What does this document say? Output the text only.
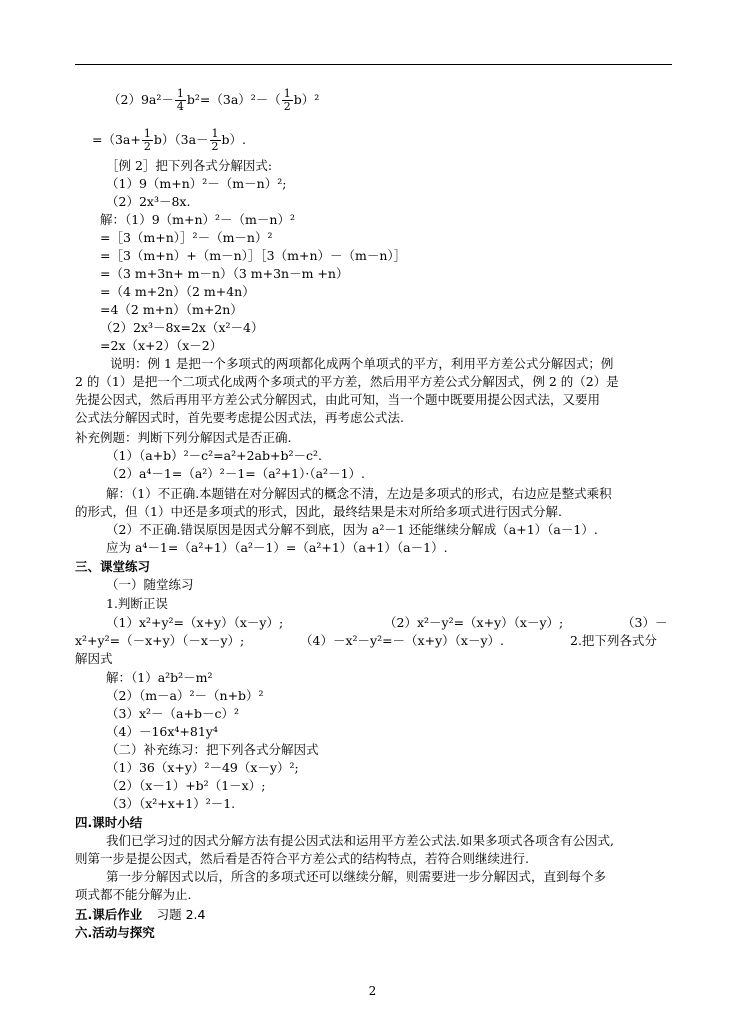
$(2)9a^2- \frac{1}{4} b^2=(3a)^2-( \frac{1}{2} b)^2$
$=(3a+ \frac{1}{2} b)(3a- \frac{1}{2} b)$.
［例 2］把下列各式分解因式:
（1）9（m+n）²－（m－n）²;
（2）2x³－8x.
解：（1）9（m+n）²－（m－n）²
=［3（m+n）］²－（m－n）²
=［3（m+n）+（m－n）］［3（m+n）－（m－n）］
=（3 m+3n+ m－n）（3 m+3n－m +n）
=（4 m+2n）（2 m+4n）
=4（2 m+n）（m+2n）
（2）2x³－8x=2x（x²－4）
=2x（x+2）（x－2）
说明：例 1 是把一个多项式的两项都化成两个单项式的平方，利用平方差公式分解因式；例
2 的（1）是把一个二项式化成两个多项式的平方差，然后用平方差公式分解因式，例 2 的（2）是
先提公因式，然后再用平方差公式分解因式，由此可知，当一个题中既要用提公因式法，又要用
公式法分解因式时，首先要考虑提公因式法，再考虑公式法.
补充例题：判断下列分解因式是否正确.
（1）（a+b）²－c²=a²+2ab+b²－c².
（2）a⁴－1=（a²）²－1=（a²+1）·（a²－1）.
解：（1）不正确.本题错在对分解因式的概念不清，左边是多项式的形式，右边应是整式乘积
的形式，但（1）中还是多项式的形式，因此，最终结果是未对所给多项式进行因式分解.
（2）不正确.错误原因是因式分解不到底，因为 a²－1 还能继续分解成（a+1）（a－1）.
应为 a⁴－1=（a²+1）（a²－1）=（a²+1）（a+1）（a－1）.
三、课堂练习
（一）随堂练习
1.判断正误
（1）x²+y²=（x+y）（x－y）;	（2）x²－y²=（x+y）（x－y）;	（3）－
x²+y²=（－x+y）（－x－y）;	（4）－x²－y²=－（x+y）（x－y）.	2.把下列各式分
解因式
解：（1）a²b²－m²
（2）（m－a）²－（n+b）²
（3）x²－（a+b－c）²
（4）－16x⁴+81y⁴
（二）补充练习：把下列各式分解因式
（1）36（x+y）²－49（x－y）²;
（2）（x－1）+b²（1－x）;
（3）（x²+x+1）²－1.
四.课时小结
我们已学习过的因式分解方法有提公因式法和运用平方差公式法.如果多项式各项含有公因式,
则第一步是提公因式，然后看是否符合平方差公式的结构特点，若符合则继续进行.
第一步分解因式以后，所含的多项式还可以继续分解，则需要进一步分解因式，直到每个多
项式都不能分解为止.
五.课后作业 习题 2.4
六.活动与探究
2
